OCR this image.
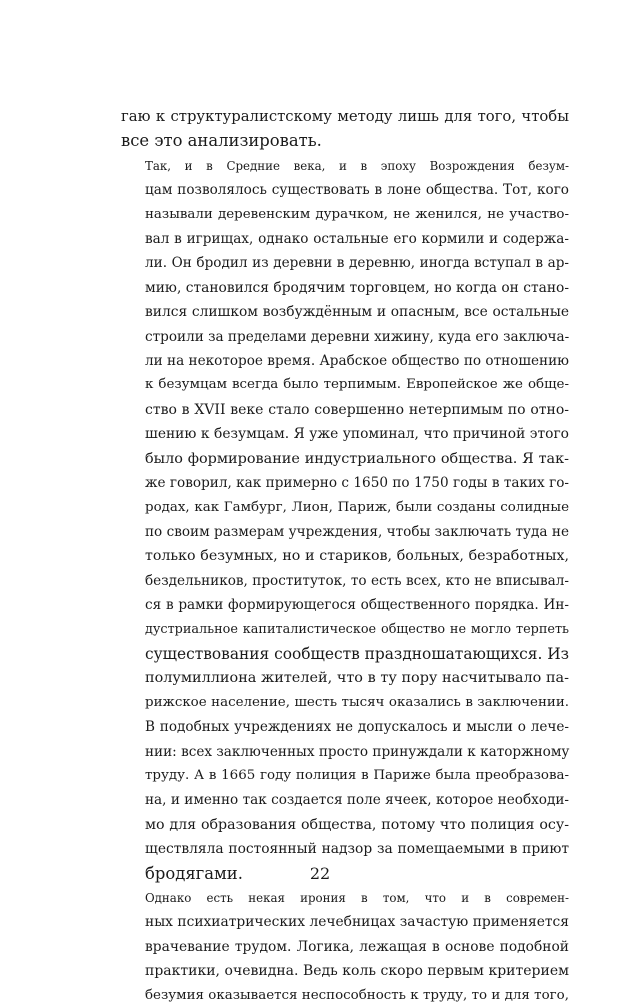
гаю к структуралистскому методу лишь для того, чтобы
все это анализировать.

Так, и в Средние века, и в эпоху Возрождения безум-
цам позволялось существовать в лоне общества. Тот, кого
называли деревенским дурачком, не женился, не участво-
вал в игрищах, однако остальные его кормили и содержа-
ли. Он бродил из деревни в деревню, иногда вступал в ар-
мию, становился бродячим торговцем, но когда он стано-
вился слишком возбуждённым и опасным, все остальные
строили за пределами деревни хижину, куда его заключа-
ли на некоторое время. Арабское общество по отношению
к безумцам всегда было терпимым. Европейское же обще-
ство в XVII веке стало совершенно нетерпимым по отно-
шению к безумцам. Я уже упоминал, что причиной этого
было формирование индустриального общества. Я так-
же говорил, как примерно с 1650 по 1750 годы в таких го-
родах, как Гамбург, Лион, Париж, были созданы солидные
по своим размерам учреждения, чтобы заключать туда не
только безумных, но и стариков, больных, безработных,
бездельников, проституток, то есть всех, кто не вписывал-
ся в рамки формирующегося общественного порядка. Ин-
дустриальное капиталистическое общество не могло терпеть
существования сообществ праздношатающихся. Из
полумиллиона жителей, что в ту пору насчитывало па-
рижское население, шесть тысяч оказались в заключении.
В подобных учреждениях не допускалось и мысли о лече-
нии: всех заключенных просто принуждали к каторжному
труду. А в 1665 году полиция в Париже была преобразова-
на, и именно так создается поле ячеек, которое необходи-
мо для образования общества, потому что полиция осу-
ществляла постоянный надзор за помещаемыми в приют
бродягами.

Однако есть некая ирония в том, что и в современ-
ных психиатрических лечебницах зачастую применяется
врачевание трудом. Логика, лежащая в основе подобной
практики, очевидна. Ведь коль скоро первым критерием
безумия оказывается неспособность к труду, то и для того,

22
